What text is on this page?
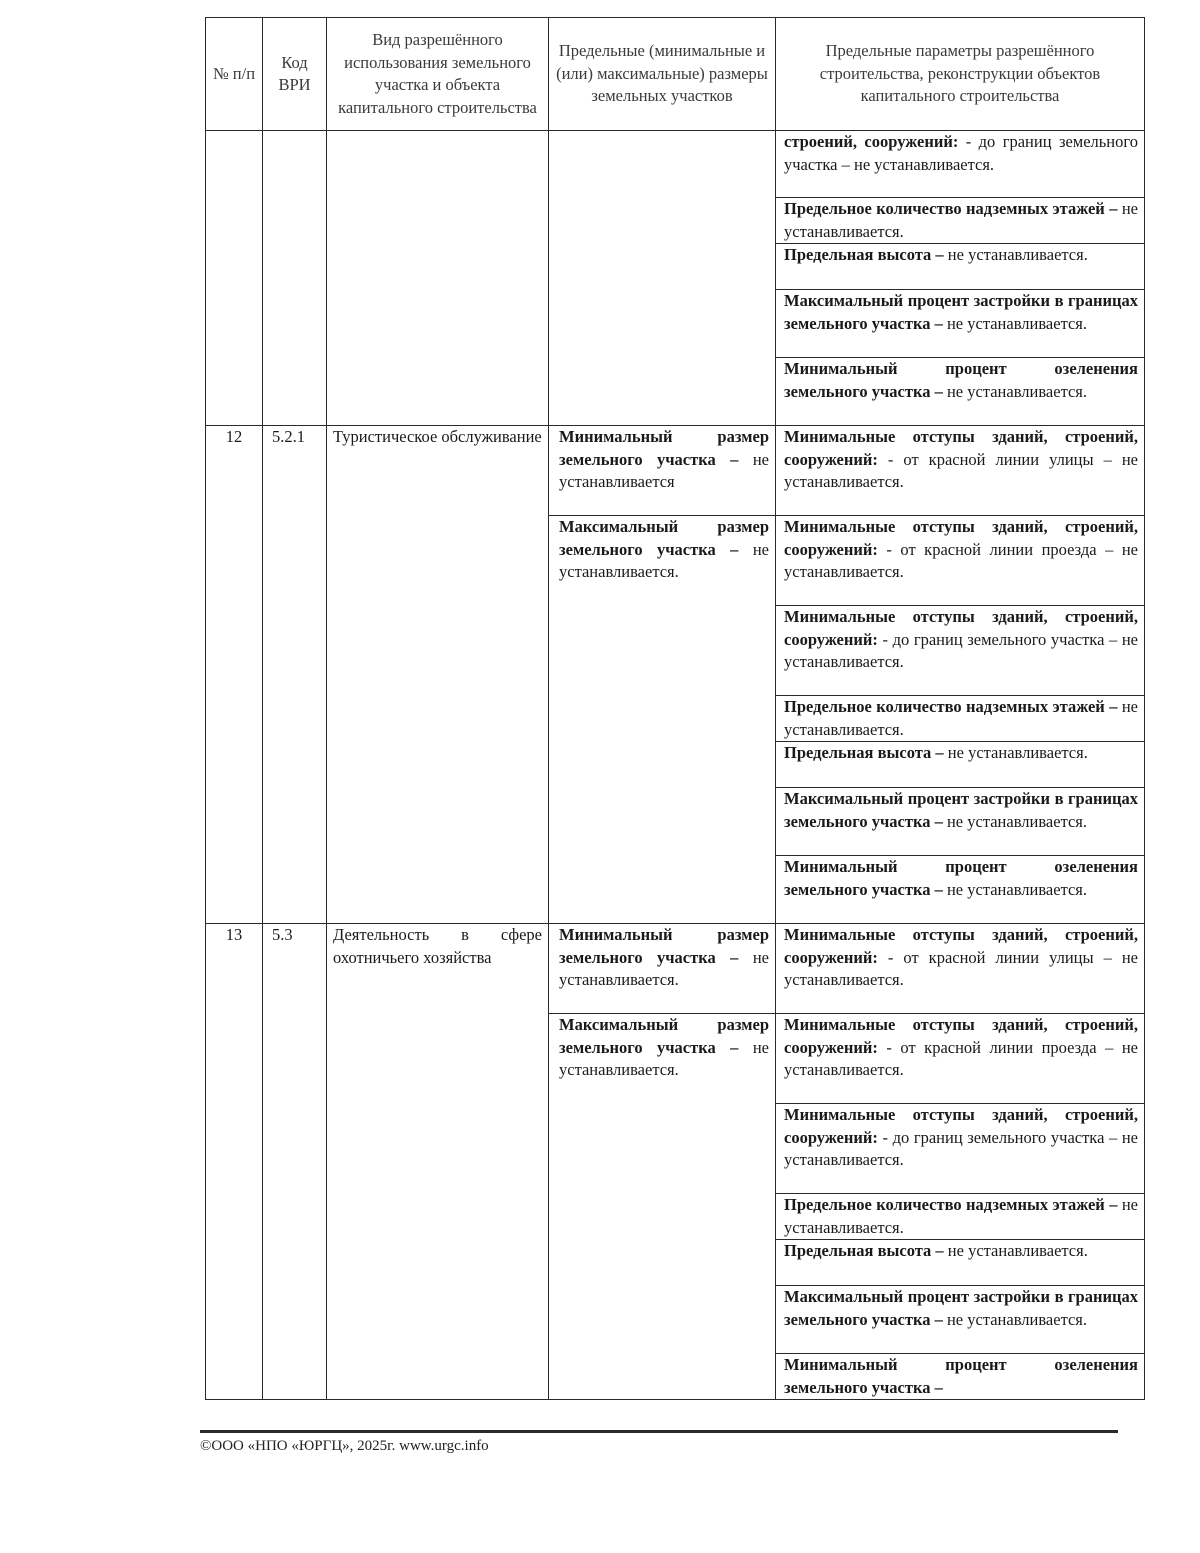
№ п/п	Код ВРИ	Вид разрешённого использования земельного участка и объекта капитального строительства	Предельные (минимальные и (или) максимальные) размеры земельных участков	Предельные параметры разрешённого строительства, реконструкции объектов капитального строительства

				строений, сооружений: - до границ земельного участка – не устанавливается.

				Предельное количество надземных этажей – не устанавливается.

				Предельная высота – не устанавливается.

				Максимальный процент застройки в границах земельного участка – не устанавливается.

				Минимальный процент озеленения земельного участка – не устанавливается.

12	5.2.1	Туристическое обслуживание	Минимальный размер земельного участка – не устанавливается	Минимальные отступы зданий, строений, сооружений: - от красной линии улицы – не устанавливается.

			Максимальный размер земельного участка – не устанавливается.	Минимальные отступы зданий, строений, сооружений: - от красной линии проезда – не устанавливается.

				Минимальные отступы зданий, строений, сооружений: - до границ земельного участка – не устанавливается.

				Предельное количество надземных этажей – не устанавливается.

				Предельная высота – не устанавливается.

				Максимальный процент застройки в границах земельного участка – не устанавливается.

				Минимальный процент озеленения земельного участка – не устанавливается.

13	5.3	Деятельность в сфере охотничьего хозяйства	Минимальный размер земельного участка – не устанавливается.	Минимальные отступы зданий, строений, сооружений: - от красной линии улицы – не устанавливается.

			Максимальный размер земельного участка – не устанавливается.	Минимальные отступы зданий, строений, сооружений: - от красной линии проезда – не устанавливается.

				Минимальные отступы зданий, строений, сооружений: - до границ земельного участка – не устанавливается.

				Предельное количество надземных этажей – не устанавливается.

				Предельная высота – не устанавливается.

				Максимальный процент застройки в границах земельного участка – не устанавливается.

				Минимальный процент озеленения земельного участка –

©ООО «НПО «ЮРГЦ», 2025г. www.urgc.info
